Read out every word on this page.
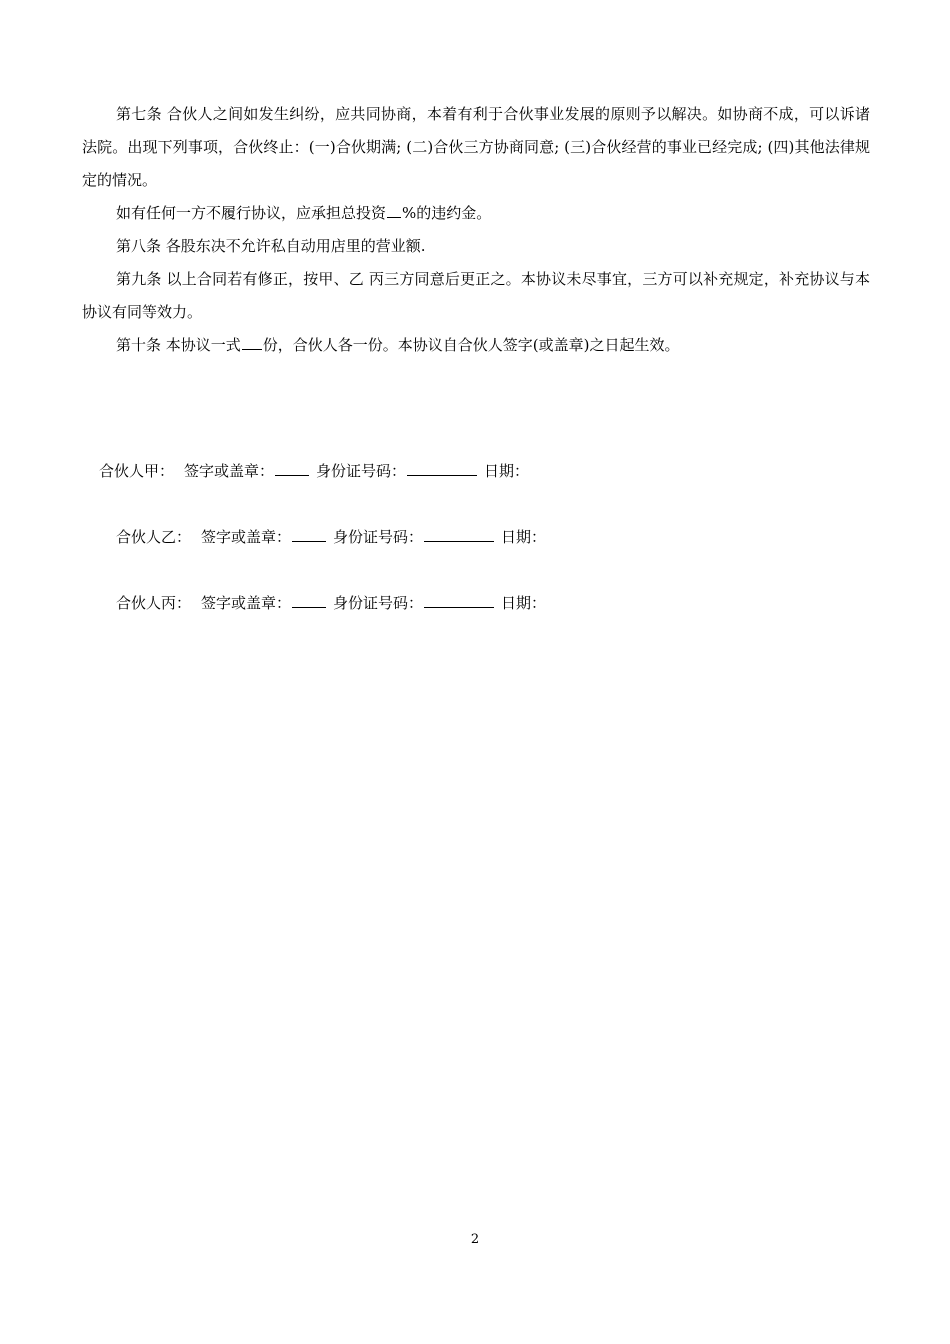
第七条 合伙人之间如发生纠纷，应共同协商，本着有利于合伙事业发展的原则予以解决。如协商不成，可以诉诸法院。出现下列事项，合伙终止：(一)合伙期满; (二)合伙三方协商同意; (三)合伙经营的事业已经完成; (四)其他法律规定的情况。

如有任何一方不履行协议，应承担总投资 %的违约金。

第八条 各股东决不允许私自动用店里的营业额.

第九条 以上合同若有修正，按甲、乙 丙三方同意后更正之。本协议未尽事宜，三方可以补充规定，补充协议与本协议有同等效力。

第十条 本协议一式 份，合伙人各一份。本协议自合伙人签字(或盖章)之日起生效。

合伙人甲： 签字或盖章：	身份证号码：	日期：
合伙人乙： 签字或盖章：	身份证号码：	日期：
合伙人丙： 签字或盖章：	身份证号码：	日期：
2
